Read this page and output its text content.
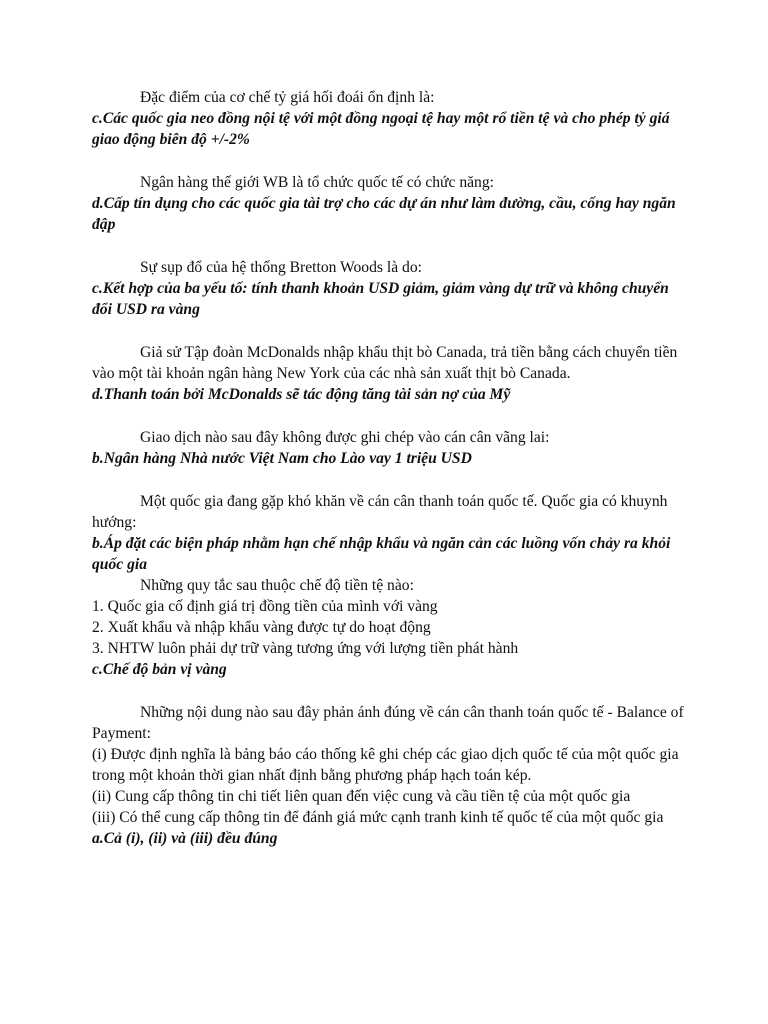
Đặc điểm của cơ chế tỷ giá hối đoái ổn định là:

c.Các quốc gia neo đồng nội tệ với một đồng ngoại tệ hay một rổ tiền tệ và cho phép tỷ giá giao động biên độ +/-2%

Ngân hàng thế giới WB là tổ chức quốc tế có chức năng:

d.Cấp tín dụng cho các quốc gia tài trợ cho các dự án như làm đường, cầu, cống hay ngăn đập

Sự sụp đổ của hệ thống Bretton Woods là do:

c.Kết hợp của ba yếu tố: tính thanh khoản USD giảm, giảm vàng dự trữ và không chuyển đổi USD ra vàng

Giả sử Tập đoàn McDonalds nhập khẩu thịt bò Canada, trả tiền bằng cách chuyển tiền vào một tài khoản ngân hàng New York của các nhà sản xuất thịt bò Canada.

d.Thanh toán bởi McDonalds sẽ tác động tăng tài sản nợ của Mỹ

Giao dịch nào sau đây không được ghi chép vào cán cân vãng lai:

b.Ngân hàng Nhà nước Việt Nam cho Lào vay 1 triệu USD

Một quốc gia đang gặp khó khăn về cán cân thanh toán quốc tế. Quốc gia có khuynh hướng:

b.Áp đặt các biện pháp nhằm hạn chế nhập khẩu và ngăn cản các luồng vốn chảy ra khỏi quốc gia

Những quy tắc sau thuộc chế độ tiền tệ nào:

1. Quốc gia cố định giá trị đồng tiền của mình với vàng

2. Xuất khẩu và nhập khẩu vàng được tự do hoạt động

3. NHTW luôn phải dự trữ vàng tương ứng với lượng tiền phát hành

c.Chế độ bản vị vàng

Những nội dung nào sau đây phản ánh đúng về cán cân thanh toán quốc tế - Balance of Payment:

(i) Được định nghĩa là bảng báo cáo thống kê ghi chép các giao dịch quốc tế của một quốc gia trong một khoản thời gian nhất định bằng phương pháp hạch toán kép.

(ii) Cung cấp thông tin chi tiết liên quan đến việc cung và cầu tiền tệ của một quốc gia

(iii) Có thể cung cấp thông tin để đánh giá mức cạnh tranh kinh tế quốc tế của một quốc gia

a.Cả (i), (ii) và (iii) đều đúng
